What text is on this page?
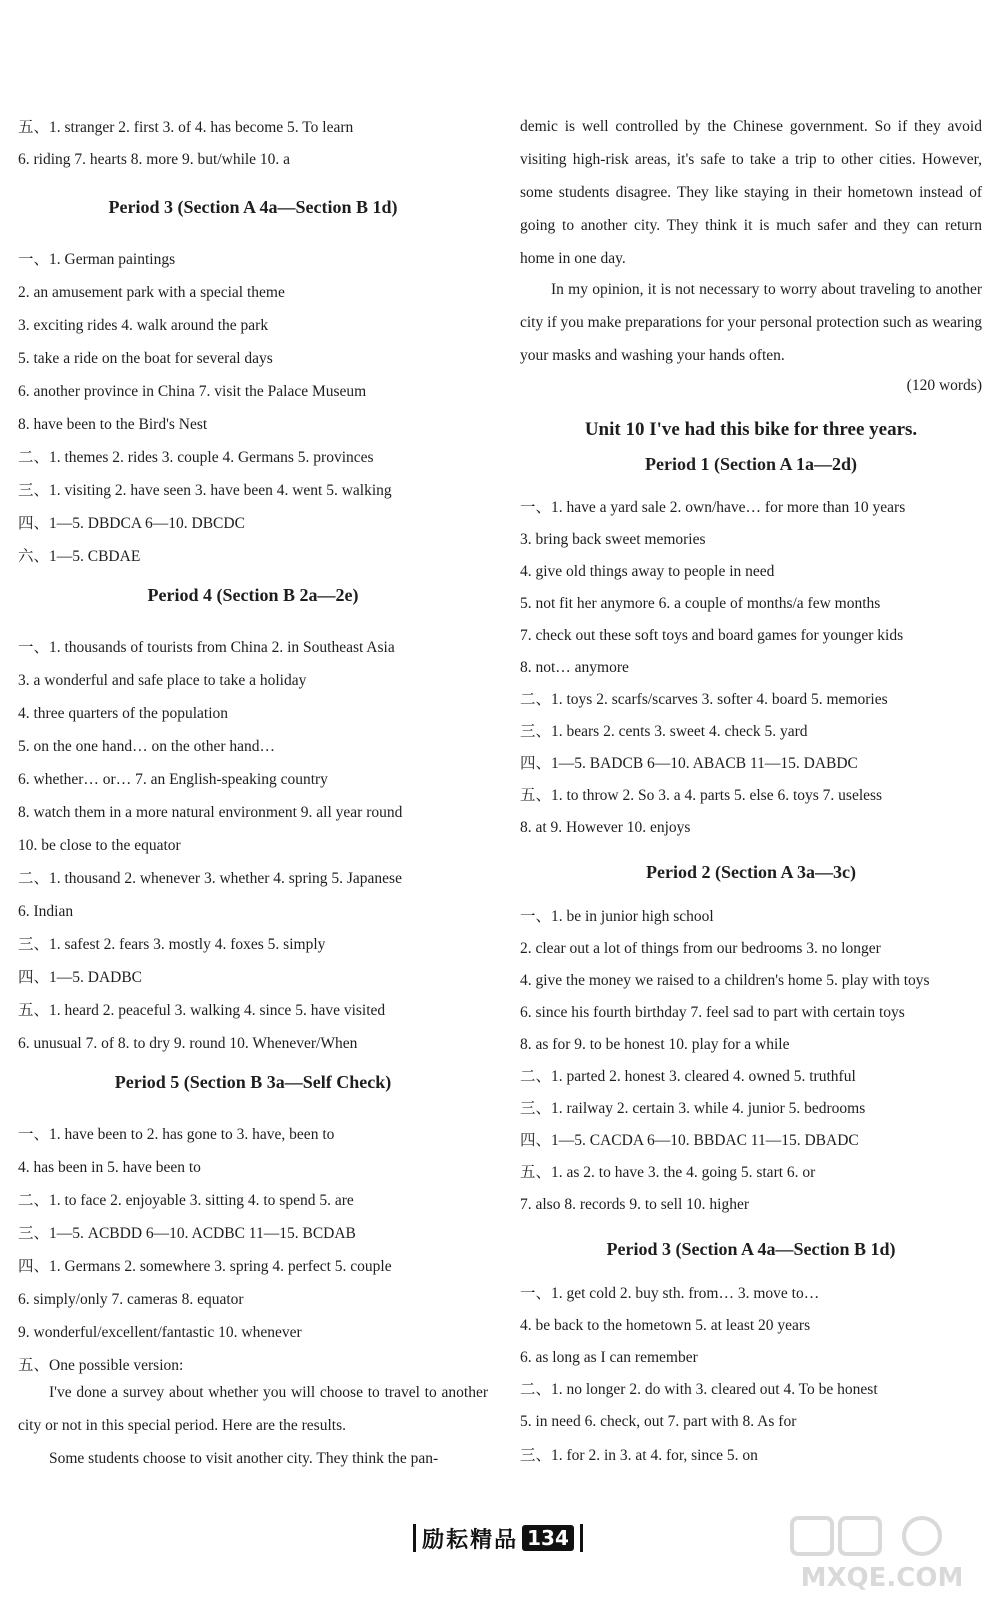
Period 3 (Section A 4a—Section B 1d)
Period 4 (Section B 2a—2e)
Period 5 (Section B 3a—Self Check)
五、1. stranger 2. first 3. of 4. has become 5. To learn
6. riding 7. hearts 8. more 9. but/while 10. a
一、1. German paintings
2. an amusement park with a special theme
3. exciting rides 4. walk around the park
5. take a ride on the boat for several days
6. another province in China 7. visit the Palace Museum
8. have been to the Bird's Nest
二、1. themes 2. rides 3. couple 4. Germans 5. provinces
三、1. visiting 2. have seen 3. have been 4. went 5. walking
四、1—5. DBDCA 6—10. DBCDC
六、1—5. CBDAE
一、1. thousands of tourists from China 2. in Southeast Asia
3. a wonderful and safe place to take a holiday
4. three quarters of the population
5. on the one hand… on the other hand…
6. whether… or… 7. an English-speaking country
8. watch them in a more natural environment 9. all year round
10. be close to the equator
二、1. thousand 2. whenever 3. whether 4. spring 5. Japanese
6. Indian
三、1. safest 2. fears 3. mostly 4. foxes 5. simply
四、1—5. DADBC
五、1. heard 2. peaceful 3. walking 4. since 5. have visited
6. unusual 7. of 8. to dry 9. round 10. Whenever/When
一、1. have been to 2. has gone to 3. have, been to
4. has been in 5. have been to
二、1. to face 2. enjoyable 3. sitting 4. to spend 5. are
三、1—5. ACBDD 6—10. ACDBC 11—15. BCDAB
四、1. Germans 2. somewhere 3. spring 4. perfect 5. couple
6. simply/only 7. cameras 8. equator
9. wonderful/excellent/fantastic 10. whenever
五、One possible version:
I've done a survey about whether you will choose to travel to another city or not in this special period. Here are the results.
Some students choose to visit another city. They think the pan-
Unit 10 I've had this bike for three years.
Period 1 (Section A 1a—2d)
Period 2 (Section A 3a—3c)
Period 3 (Section A 4a—Section B 1d)
一、1. have a yard sale 2. own/have… for more than 10 years
3. bring back sweet memories
4. give old things away to people in need
5. not fit her anymore 6. a couple of months/a few months
7. check out these soft toys and board games for younger kids
8. not… anymore
二、1. toys 2. scarfs/scarves 3. softer 4. board 5. memories
三、1. bears 2. cents 3. sweet 4. check 5. yard
四、1—5. BADCB 6—10. ABACB 11—15. DABDC
五、1. to throw 2. So 3. a 4. parts 5. else 6. toys 7. useless
8. at 9. However 10. enjoys
一、1. be in junior high school
2. clear out a lot of things from our bedrooms 3. no longer
4. give the money we raised to a children's home 5. play with toys
6. since his fourth birthday 7. feel sad to part with certain toys
8. as for 9. to be honest 10. play for a while
二、1. parted 2. honest 3. cleared 4. owned 5. truthful
三、1. railway 2. certain 3. while 4. junior 5. bedrooms
四、1—5. CACDA 6—10. BBDAC 11—15. DBADC
五、1. as 2. to have 3. the 4. going 5. start 6. or
7. also 8. records 9. to sell 10. higher
一、1. get cold 2. buy sth. from… 3. move to…
4. be back to the hometown 5. at least 20 years
6. as long as I can remember
二、1. no longer 2. do with 3. cleared out 4. To be honest
5. in need 6. check, out 7. part with 8. As for
三、1. for 2. in 3. at 4. for, since 5. on
demic is well controlled by the Chinese government. So if they avoid visiting high-risk areas, it's safe to take a trip to other cities. However, some students disagree. They like staying in their hometown instead of going to another city. They think it is much safer and they can return home in one day.
In my opinion, it is not necessary to worry about traveling to another city if you make preparations for your personal protection such as wearing your masks and washing your hands often.
(120 words)
励耘精品 134
MXQE.COM
